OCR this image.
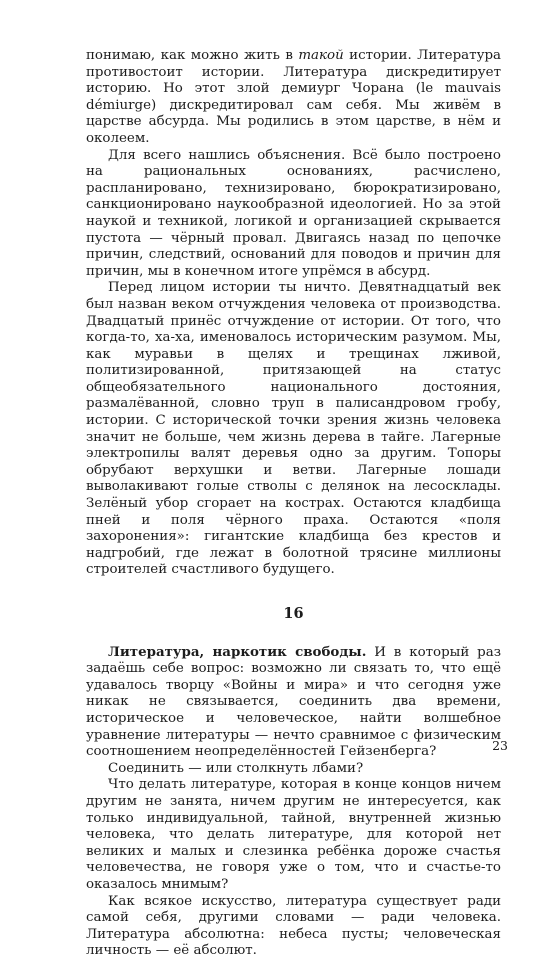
понимаю, как можно жить в такой истории. Литература противостоит истории. Литература дискредитирует историю. Но этот злой демиург Чорана (le mauvais démiurge) дискредитировал сам себя. Мы живём в царстве абсурда. Мы родились в этом царстве, в нём и околеем.

Для всего нашлись объяснения. Всё было построено на рациональных основаниях, расчислено, распланировано, технизировано, бюрократизировано, санкционировано наукообразной идеологией. Но за этой наукой и техникой, логикой и организацией скрывается пустота — чёрный провал. Двигаясь назад по цепочке причин, следствий, оснований для поводов и причин для причин, мы в конечном итоге упрёмся в абсурд.

Перед лицом истории ты ничто. Девятнадцатый век был назван веком отчуждения человека от производства. Двадцатый принёс отчуждение от истории. От того, что когда-то, ха-ха, именовалось историческим разумом. Мы, как муравьи в щелях и трещинах лживой, политизированной, притязающей на статус общеобязательного национального достояния, размалёванной, словно труп в палисандровом гробу, истории. С исторической точки зрения жизнь человека значит не больше, чем жизнь дерева в тайге. Лагерные электропилы валят деревья одно за другим. Топоры обрубают верхушки и ветви. Лагерные лошади выволакивают голые стволы с делянок на лесосклады. Зелёный убор сгорает на кострах. Остаются кладбища пней и поля чёрного праха. Остаются «поля захоронения»: гигантские кладбища без крестов и надгробий, где лежат в болотной трясине миллионы строителей счастливого будущего.

16

Литература, наркотик свободы. И в который раз задаёшь себе вопрос: возможно ли связать то, что ещё удавалось творцу «Войны и мира» и что сегодня уже никак не связывается, соединить два времени, историческое и человеческое, найти волшебное уравнение литературы — нечто сравнимое с физическим соотношением неопределённостей Гейзенберга?

Соединить — или столкнуть лбами?

Что делать литературе, которая в конце концов ничем другим не занята, ничем другим не интересуется, как только индивидуальной, тайной, внутренней жизнью человека, что делать литературе, для которой нет великих и малых и слезинка ребёнка дороже счастья человечества, не говоря уже о том, что и счастье-то оказалось мнимым?

Как всякое искусство, литература существует ради самой себя, другими словами — ради человека. Литература абсолютна: небеса пусты; человеческая личность — её абсолют.

23
